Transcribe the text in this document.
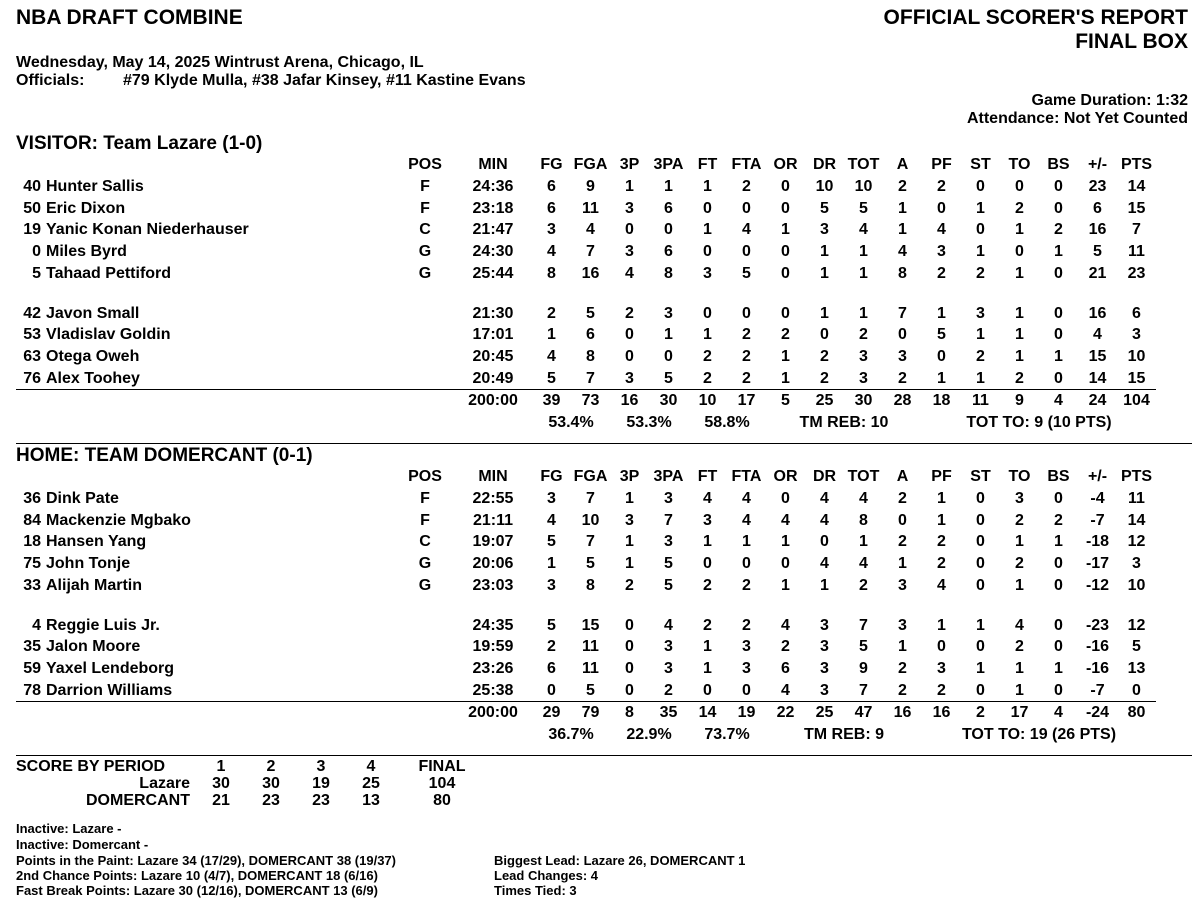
NBA DRAFT COMBINE	OFFICIAL SCORER'S REPORT
FINAL BOX
Wednesday, May 14, 2025 Wintrust Arena, Chicago, IL
Officials: #79 Klyde Mulla, #38 Jafar Kinsey, #11 Kastine Evans
Game Duration: 1:32
Attendance: Not Yet Counted
VISITOR: Team Lazare (1-0)
		POS	MIN	FG	FGA	3P	3PA	FT	FTA	OR	DR	TOT	A	PF	ST	TO	BS	+/-	PTS
40	Hunter Sallis	F	24:36	6	9	1	1	1	2	0	10	10	2	2	0	0	0	23	14
50	Eric Dixon	F	23:18	6	11	3	6	0	0	0	5	5	1	0	1	2	0	6	15
19	Yanic Konan Niederhauser	C	21:47	3	4	0	0	1	4	1	3	4	1	4	0	1	2	16	7
0	Miles Byrd	G	24:30	4	7	3	6	0	0	0	1	1	4	3	1	0	1	5	11
5	Tahaad Pettiford	G	25:44	8	16	4	8	3	5	0	1	1	8	2	2	1	0	21	23

42	Javon Small		21:30	2	5	2	3	0	0	0	1	1	7	1	3	1	0	16	6
53	Vladislav Goldin		17:01	1	6	0	1	1	2	2	0	2	0	5	1	1	0	4	3
63	Otega Oweh		20:45	4	8	0	0	2	2	1	2	3	3	0	2	1	1	15	10
76	Alex Toohey		20:49	5	7	3	5	2	2	1	2	3	2	1	1	2	0	14	15
			200:00	39	73	16	30	10	17	5	25	30	28	18	11	9	4	24	104
				53.4%		53.3%		58.8%		TM REB: 10				TOT TO: 9 (10 PTS)					
HOME: TEAM DOMERCANT (0-1)
		POS	MIN	FG	FGA	3P	3PA	FT	FTA	OR	DR	TOT	A	PF	ST	TO	BS	+/-	PTS
36	Dink Pate	F	22:55	3	7	1	3	4	4	0	4	4	2	1	0	3	0	-4	11
84	Mackenzie Mgbako	F	21:11	4	10	3	7	3	4	4	4	8	0	1	0	2	2	-7	14
18	Hansen Yang	C	19:07	5	7	1	3	1	1	1	0	1	2	2	0	1	1	-18	12
75	John Tonje	G	20:06	1	5	1	5	0	0	0	4	4	1	2	0	2	0	-17	3
33	Alijah Martin	G	23:03	3	8	2	5	2	2	1	1	2	3	4	0	1	0	-12	10

4	Reggie Luis Jr.		24:35	5	15	0	4	2	2	4	3	7	3	1	1	4	0	-23	12
35	Jalon Moore		19:59	2	11	0	3	1	3	2	3	5	1	0	0	2	0	-16	5
59	Yaxel Lendeborg		23:26	6	11	0	3	1	3	6	3	9	2	3	1	1	1	-16	13
78	Darrion Williams		25:38	0	5	0	2	0	0	4	3	7	2	2	0	1	0	-7	0
			200:00	29	79	8	35	14	19	22	25	47	16	16	2	17	4	-24	80
				36.7%		22.9%		73.7%		TM REB: 9				TOT TO: 19 (26 PTS)					
SCORE BY PERIOD	1	2	3	4	FINAL
Lazare	30	30	19	25	104
DOMERCANT	21	23	23	13	80
Inactive: Lazare -
Inactive: Domercant -
Points in the Paint: Lazare 34 (17/29), DOMERCANT 38 (19/37)
2nd Chance Points: Lazare 10 (4/7), DOMERCANT 18 (6/16)
Fast Break Points: Lazare 30 (12/16), DOMERCANT 13 (6/9)
Biggest Lead: Lazare 26, DOMERCANT 1
Lead Changes: 4
Times Tied: 3
